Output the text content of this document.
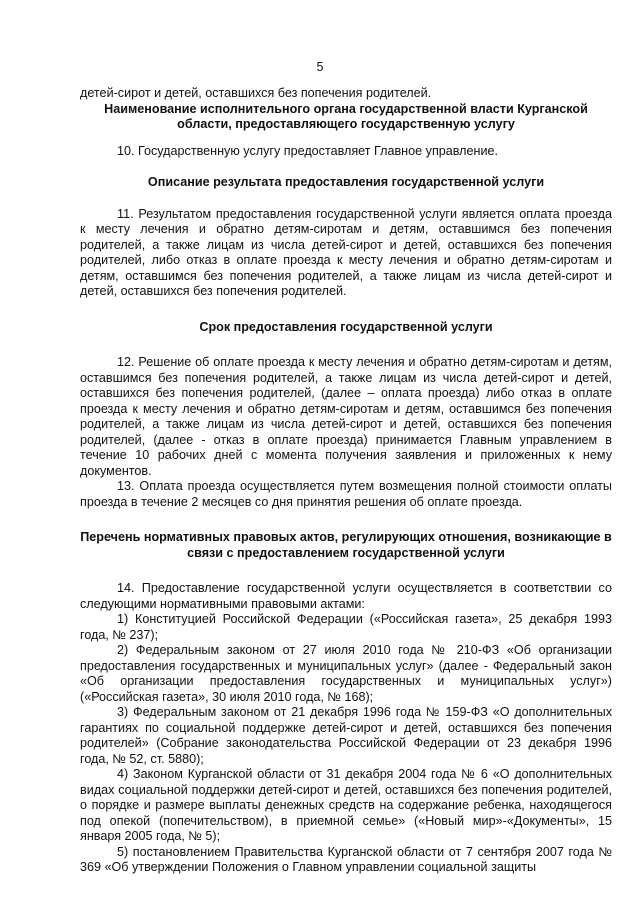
5

детей-сирот и детей, оставшихся без попечения родителей.

Наименование исполнительного органа государственной власти Курганской области, предоставляющего государственную услугу

10. Государственную услугу предоставляет Главное управление.

Описание результата предоставления государственной услуги

11. Результатом предоставления государственной услуги является оплата проезда к месту лечения и обратно детям-сиротам и детям, оставшимся без попечения родителей, а также лицам из числа детей-сирот и детей, оставшихся без попечения родителей, либо отказ в оплате проезда к месту лечения и обратно детям-сиротам и детям, оставшимся без попечения родителей, а также лицам из числа детей-сирот и детей, оставшихся без попечения родителей.

Срок предоставления государственной услуги

12. Решение об оплате проезда к месту лечения и обратно детям-сиротам и детям, оставшимся без попечения родителей, а также лицам из числа детей-сирот и детей, оставшихся без попечения родителей, (далее – оплата проезда) либо отказ в оплате проезда к месту лечения и обратно детям-сиротам и детям, оставшимся без попечения родителей, а также лицам из числа детей-сирот и детей, оставшихся без попечения родителей, (далее - отказ в оплате проезда) принимается Главным управлением в течение 10 рабочих дней с момента получения заявления и приложенных к нему документов.

13. Оплата проезда осуществляется путем возмещения полной стоимости оплаты проезда в течение 2 месяцев со дня принятия решения об оплате проезда.

Перечень нормативных правовых актов, регулирующих отношения, возникающие в связи с предоставлением государственной услуги

14. Предоставление государственной услуги осуществляется в соответствии со следующими нормативными правовыми актами:

1) Конституцией Российской Федерации («Российская газета», 25 декабря 1993 года, № 237);

2) Федеральным законом от 27 июля 2010 года № 210-ФЗ «Об организации предоставления государственных и муниципальных услуг» (далее - Федеральный закон «Об организации предоставления государственных и муниципальных услуг») («Российская газета», 30 июля 2010 года, № 168);

3) Федеральным законом от 21 декабря 1996 года № 159-ФЗ «О дополнительных гарантиях по социальной поддержке детей-сирот и детей, оставшихся без попечения родителей» (Собрание законодательства Российской Федерации от 23 декабря 1996 года, № 52, ст. 5880);

4) Законом Курганской области от 31 декабря 2004 года № 6 «О дополнительных видах социальной поддержки детей-сирот и детей, оставшихся без попечения родителей, о порядке и размере выплаты денежных средств на содержание ребенка, находящегося под опекой (попечительством), в приемной семье» («Новый мир»-«Документы», 15 января 2005 года, № 5);

5) постановлением Правительства Курганской области от 7 сентября 2007 года № 369 «Об утверждении Положения о Главном управлении социальной защиты
